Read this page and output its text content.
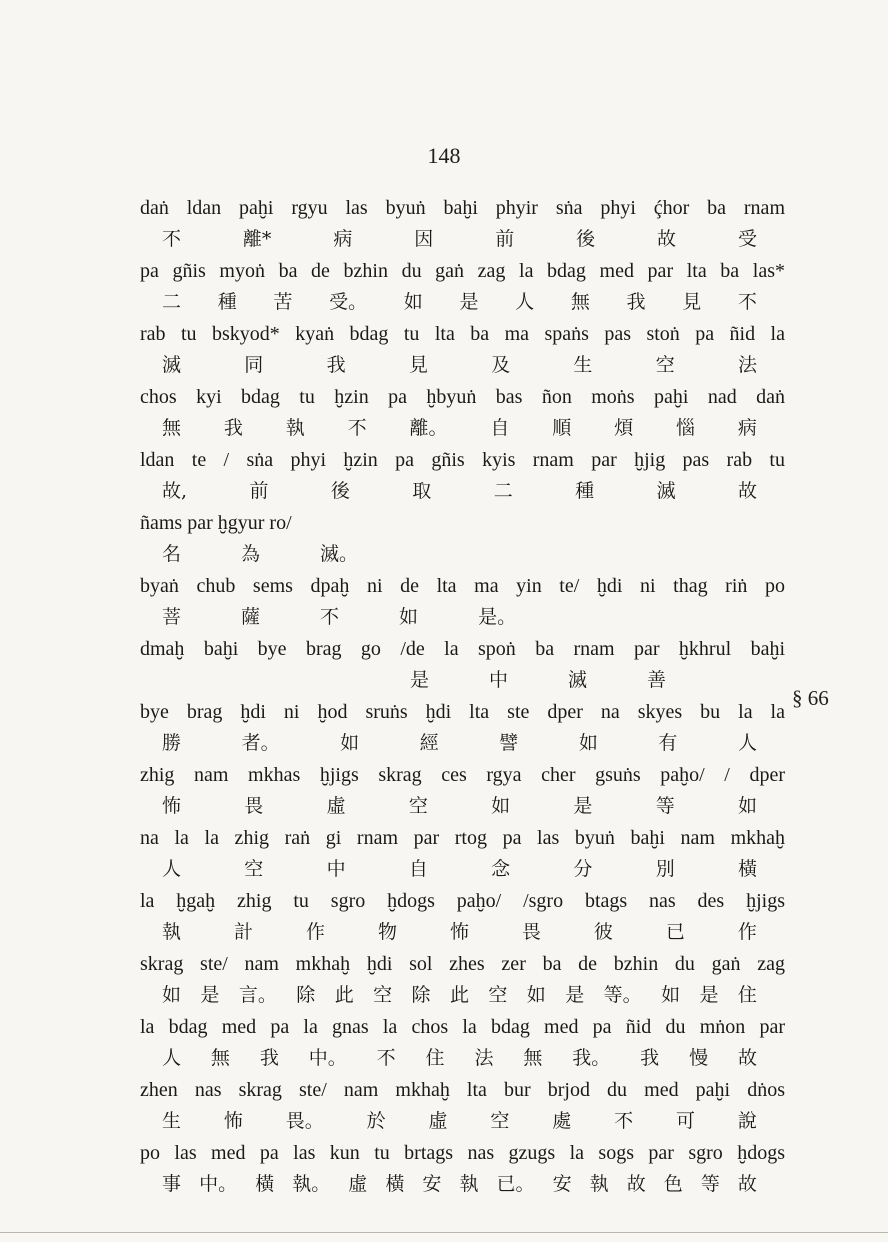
148
daṅ ldan paḫi rgyu las byuṅ baḫi phyir sṅa phyi ḉhor ba rnam
不	離*	病	因	前	後	故	受
pa gñis myoṅ ba de bzhin du gaṅ zag la bdag med par lta ba las*
二 種 苦 受。 如 是 人 無 我 見 不
rab tu bskyod* kyaṅ bdag tu lta ba ma spaṅs pas stoṅ pa ñid la
滅	同	我	見	及	生	空	法
chos kyi bdag tu ḫzin pa ḫbyuṅ bas ñon moṅs paḫi nad daṅ
無 我 執 不 離。 自 順 煩 惱 病
ldan te / sṅa phyi ḫzin pa gñis kyis rnam par ḫjig pas rab tu
故,	前	後	取	二	種	滅	故
ñams par ḫgyur ro/
名	為	滅。
byaṅ chub sems dpaḫ ni de lta ma yin te/ ḫdi ni thag riṅ po
菩	薩	不	如	是。
dmaḫ baḫi bye brag go /de la spoṅ ba rnam par ḫkhrul baḫi
是	中	滅	善
bye brag ḫdi ni ḫod sruṅs ḫdi lta ste dper na skyes bu la la
勝	者。	如	經	譬	如	有	人
zhig nam mkhas ḫjigs skrag ces rgya cher gsuṅs paḫo/ / dper
怖	畏	虛	空	如	是	等	如
na la la zhig raṅ gi rnam par rtog pa las byuṅ baḫi nam mkhaḫ
人	空	中	自	念	分	別	橫
la ḫgaḫ zhig tu sgro ḫdogs paḫo/ /sgro btags nas des ḫjigs
執	計	作	物	怖	畏	彼	已	作
skrag ste/ nam mkhaḫ ḫdi sol zhes zer ba de bzhin du gaṅ zag
如 是 言。 除 此 空 除 此 空 如 是 等。 如 是 住
la bdag med pa la gnas la chos la bdag med pa ñid du mṅon par
人 無 我 中。 不 住 法 無 我。 我 慢 故
zhen nas skrag ste/ nam mkhaḫ lta bur brjod du med paḫi dṅos
生 怖 畏。 於 虛 空 處 不 可 說
po las med pa las kun tu brtags nas gzugs la sogs par sgro ḫdogs
事 中。 橫 執。 虛 橫 安 執 已。 安 執 故 色 等 故
§ 66
